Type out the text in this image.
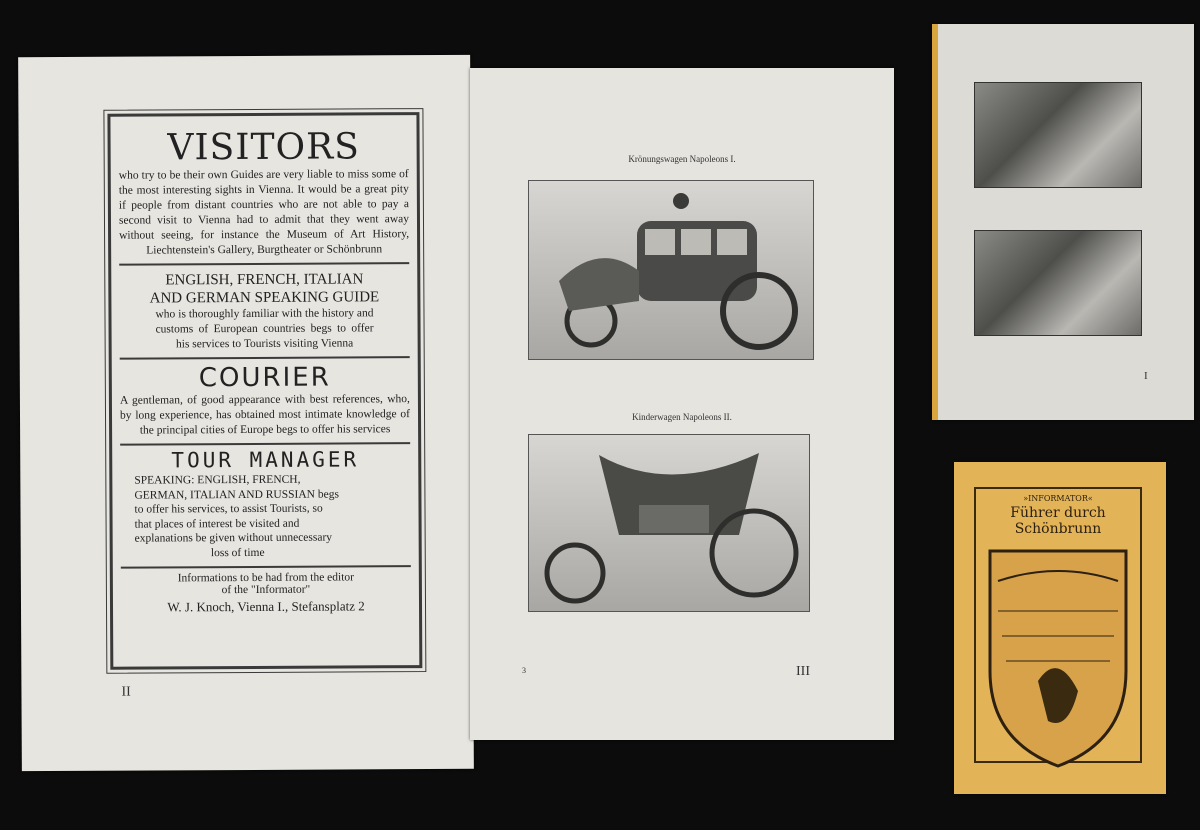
VISITORS
who try to be their own Guides are very liable to miss some of the most interesting sights in Vienna. It would be a great pity if people from distant countries who are not able to pay a second visit to Vienna had to admit that they went away without seeing, for instance the Museum of Art History, Liechtenstein's Gallery, Burgtheater or Schönbrunn
ENGLISH, FRENCH, ITALIAN
AND GERMAN SPEAKING GUIDE
who is thoroughly familiar with the history and customs of European countries begs to offer his services to Tourists visiting Vienna
COURIER
A gentleman, of good appearance with best references, who, by long experience, has obtained most intimate knowledge of the principal cities of Europe begs to offer his services
TOUR MANAGER
SPEAKING: ENGLISH, FRENCH, GERMAN, ITALIAN AND RUSSIAN begs to offer his services, to assist Tourists, so that places of interest be visited and explanations be given without unnecessary loss of time
Informations to be had from the editor
of the "Informator"
W. J. Knoch, Vienna I., Stefansplatz 2
II
Krönungswagen Napoleons I.
Kinderwagen Napoleons II.
3	III
I
»INFORMATOR«
Führer durch Schönbrunn
